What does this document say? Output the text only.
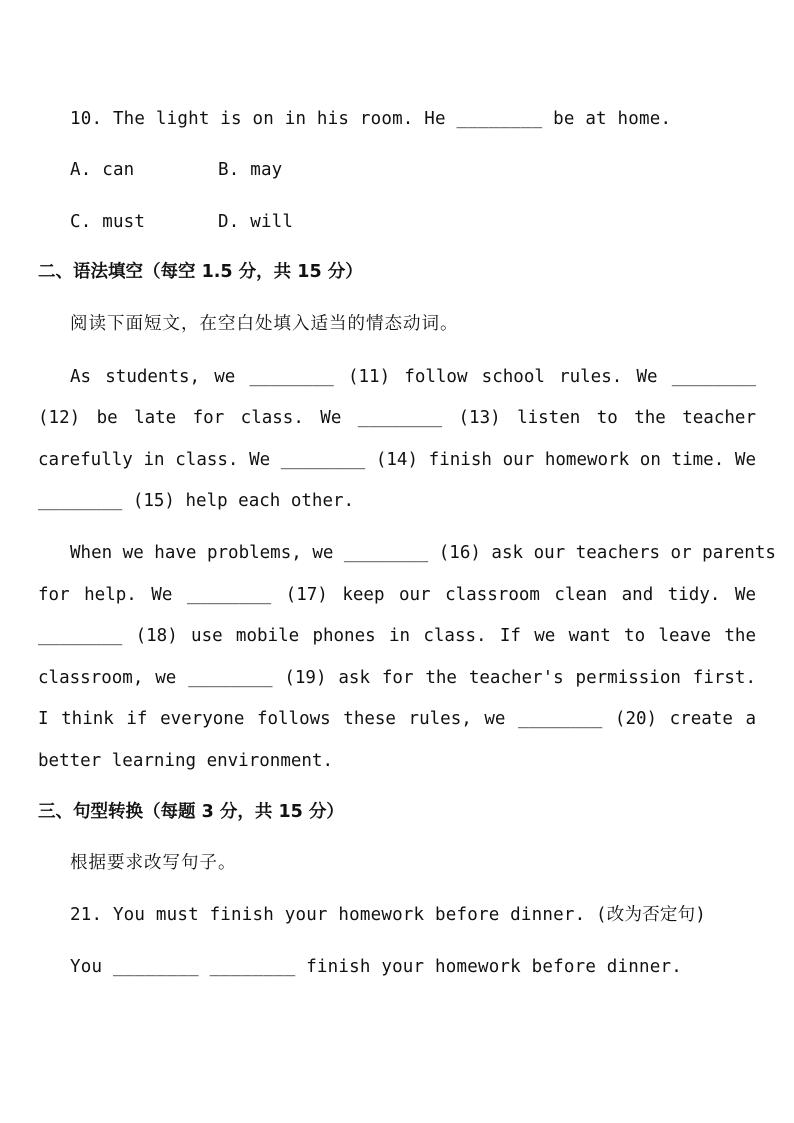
10. The light is on in his room. He ________ be at home.
A. can	B. may
C. must	D. will
二、语法填空（每空 1.5 分，共 15 分）
阅读下面短文，在空白处填入适当的情态动词。
As students, we ________ (11) follow school rules. We ________
(12) be late for class. We ________ (13) listen to the teacher
carefully in class. We ________ (14) finish our homework on time. We
________ (15) help each other.
When we have problems, we ________ (16) ask our teachers or parents
for help. We ________ (17) keep our classroom clean and tidy. We
________ (18) use mobile phones in class. If we want to leave the
classroom, we ________ (19) ask for the teacher's permission first.
I think if everyone follows these rules, we ________ (20) create a
better learning environment.
三、句型转换（每题 3 分，共 15 分）
根据要求改写句子。
21. You must finish your homework before dinner. (改为否定句)
You ________ ________ finish your homework before dinner.
